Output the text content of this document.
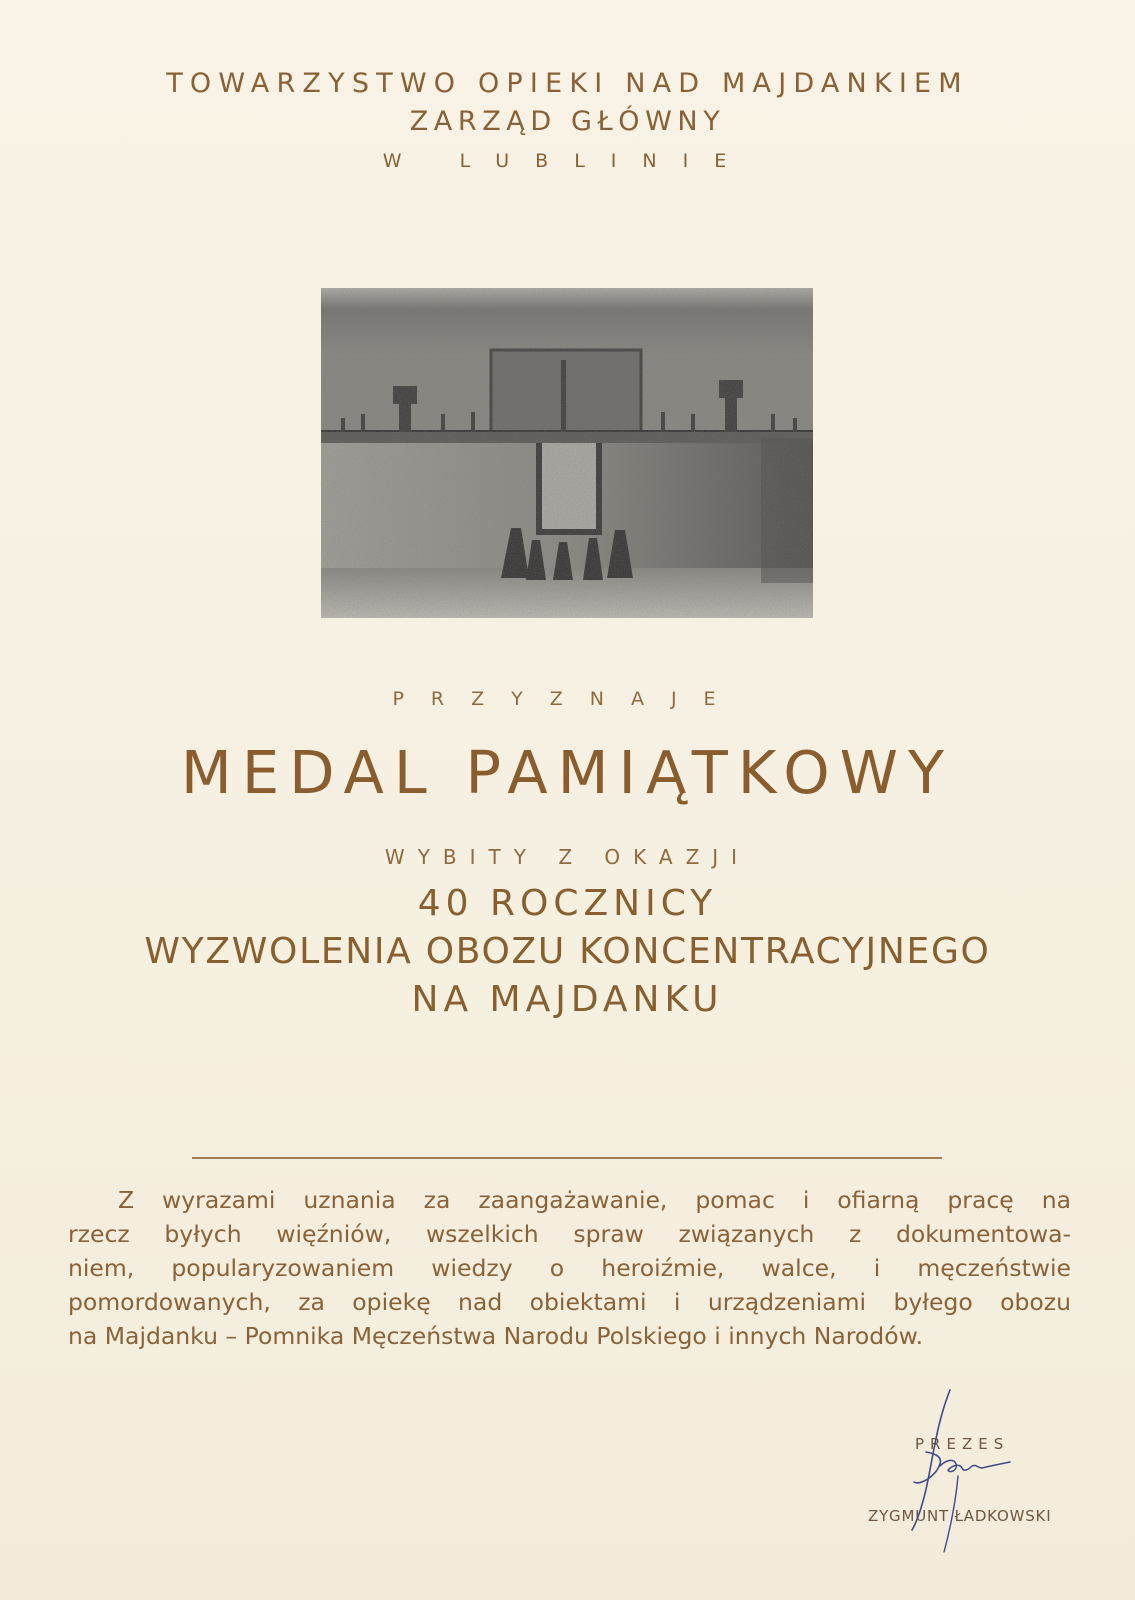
TOWARZYSTWO OPIEKI NAD MAJDANKIEM
ZARZĄD GŁÓWNY
W LUBLINIE
PRZYZNAJE
MEDAL PAMIĄTKOWY
WYBITY Z OKAZJI
40 ROCZNICY
WYZWOLENIA OBOZU KONCENTRACYJNEGO
NA MAJDANKU
Z wyrazami uznania za zaangażawanie, pomac i ofiarną pracę na
rzecz byłych więźniów, wszelkich spraw związanych z dokumentowa-
niem, popularyzowaniem wiedzy o heroiźmie, walce, i męczeństwie
pomordowanych, za opiekę nad obiektami i urządzeniami byłego obozu
na Majdanku – Pomnika Męczeństwa Narodu Polskiego i innych Narodów.
PREZES
ZYGMUNT ŁADKOWSKI
